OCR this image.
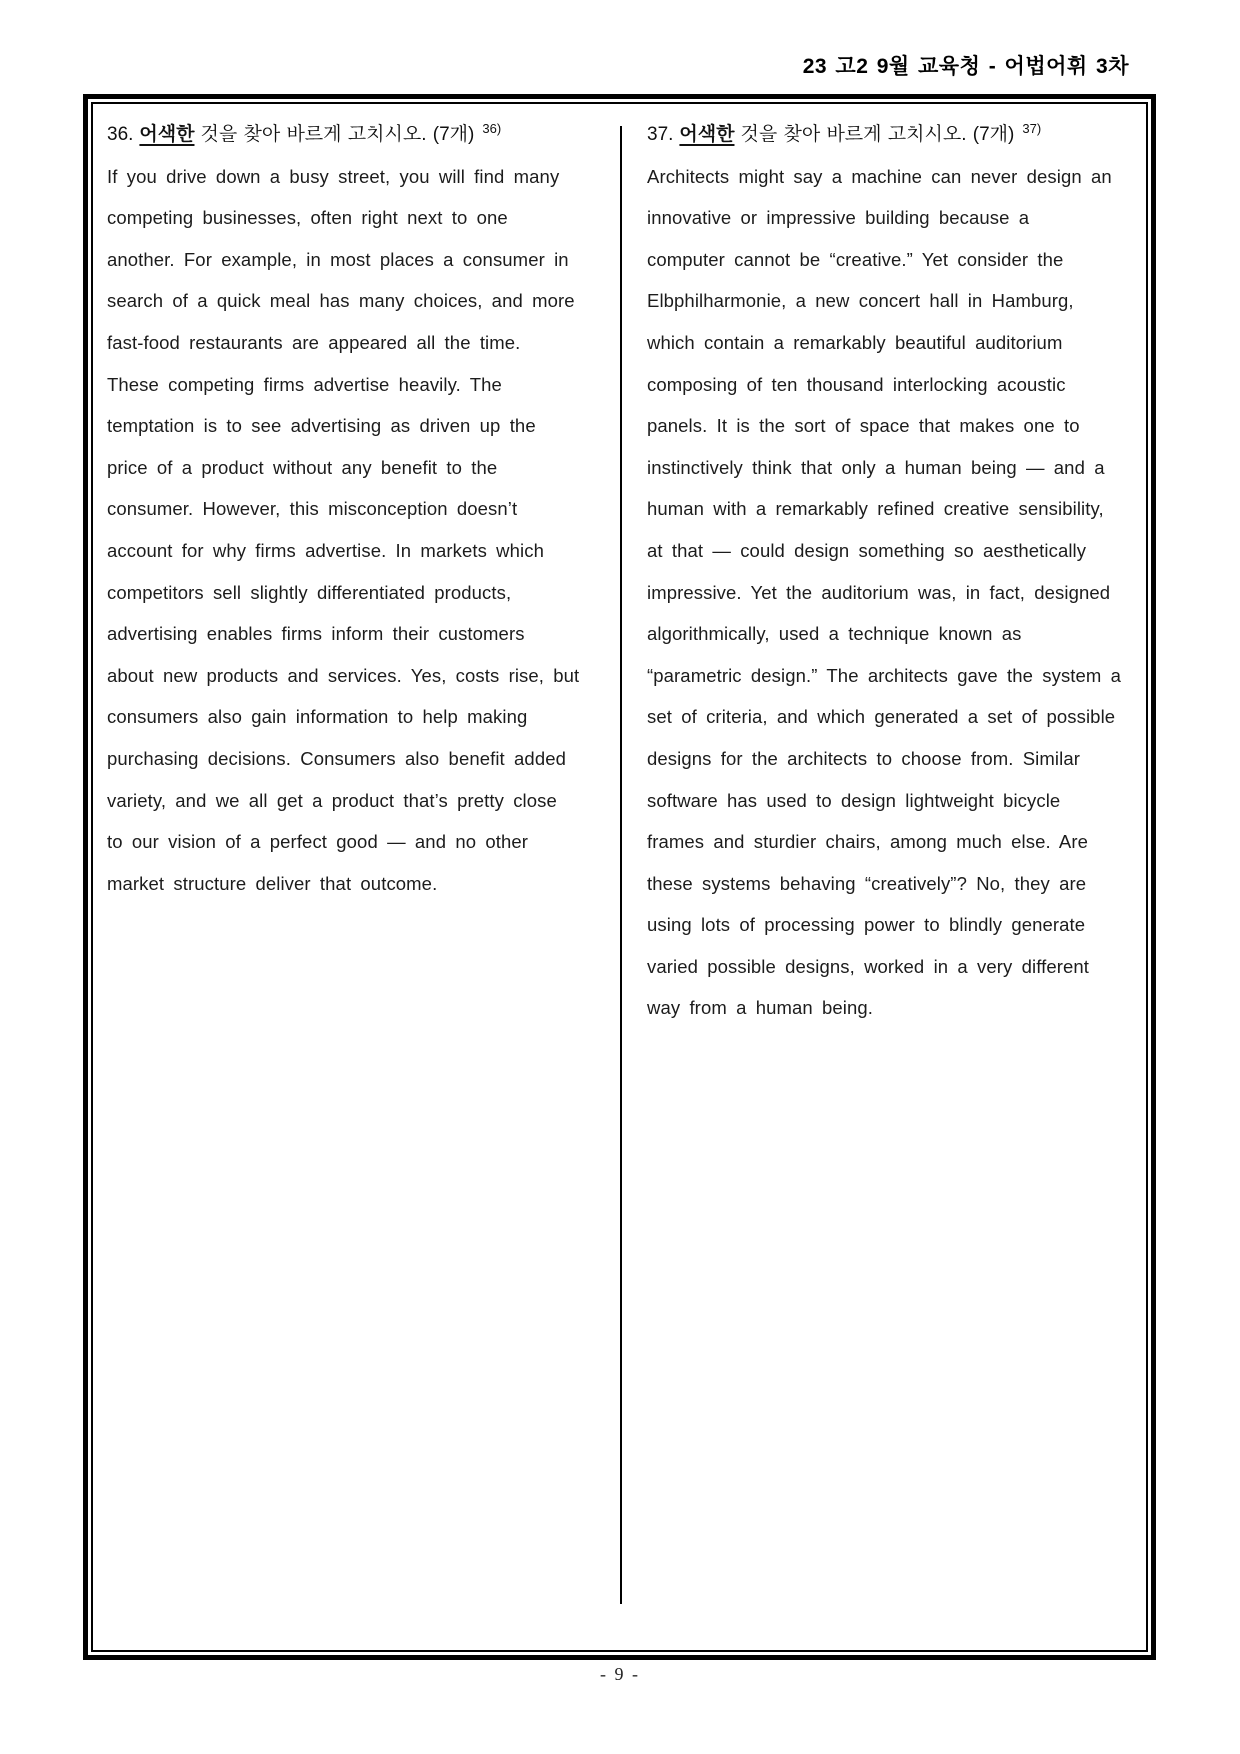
23 고2 9월 교육청 - 어법어휘 3차
36. 어색한 것을 찾아 바르게 고치시오. (7개) $^{36)}$
If you drive down a busy street, you will find many
competing businesses, often right next to one
another. For example, in most places a consumer in
search of a quick meal has many choices, and more
fast-food restaurants are appeared all the time.
These competing firms advertise heavily. The
temptation is to see advertising as driven up the
price of a product without any benefit to the
consumer. However, this misconception doesn’t
account for why firms advertise. In markets which
competitors sell slightly differentiated products,
advertising enables firms inform their customers
about new products and services. Yes, costs rise, but
consumers also gain information to help making
purchasing decisions. Consumers also benefit added
variety, and we all get a product that’s pretty close
to our vision of a perfect good — and no other
market structure deliver that outcome.
37. 어색한 것을 찾아 바르게 고치시오. (7개) $^{37)}$
Architects might say a machine can never design an
innovative or impressive building because a
computer cannot be “creative.” Yet consider the
Elbphilharmonie, a new concert hall in Hamburg,
which contain a remarkably beautiful auditorium
composing of ten thousand interlocking acoustic
panels. It is the sort of space that makes one to
instinctively think that only a human being — and a
human with a remarkably refined creative sensibility,
at that — could design something so aesthetically
impressive. Yet the auditorium was, in fact, designed
algorithmically, used a technique known as
“parametric design.” The architects gave the system a
set of criteria, and which generated a set of possible
designs for the architects to choose from. Similar
software has used to design lightweight bicycle
frames and sturdier chairs, among much else. Are
these systems behaving “creatively”? No, they are
using lots of processing power to blindly generate
varied possible designs, worked in a very different
way from a human being.
- 9 -
